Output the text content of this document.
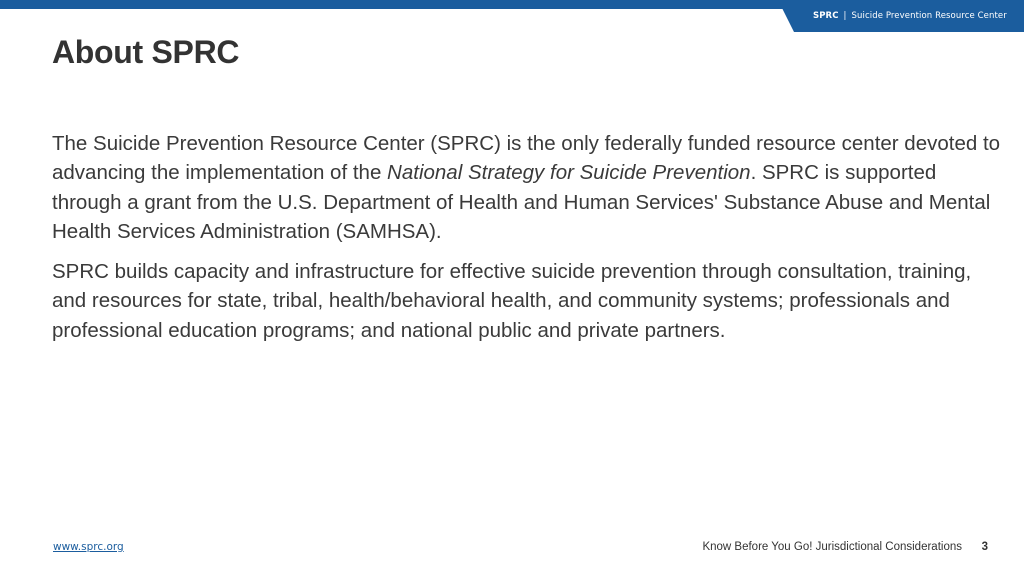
SPRC | Suicide Prevention Resource Center
About SPRC

The Suicide Prevention Resource Center (SPRC) is the only federally funded resource center devoted to advancing the implementation of the National Strategy for Suicide Prevention. SPRC is supported through a grant from the U.S. Department of Health and Human Services' Substance Abuse and Mental Health Services Administration (SAMHSA).

SPRC builds capacity and infrastructure for effective suicide prevention through consultation, training, and resources for state, tribal, health/behavioral health, and community systems; professionals and professional education programs; and national public and private partners.

www.sprc.org	Know Before You Go! Jurisdictional Considerations 3
